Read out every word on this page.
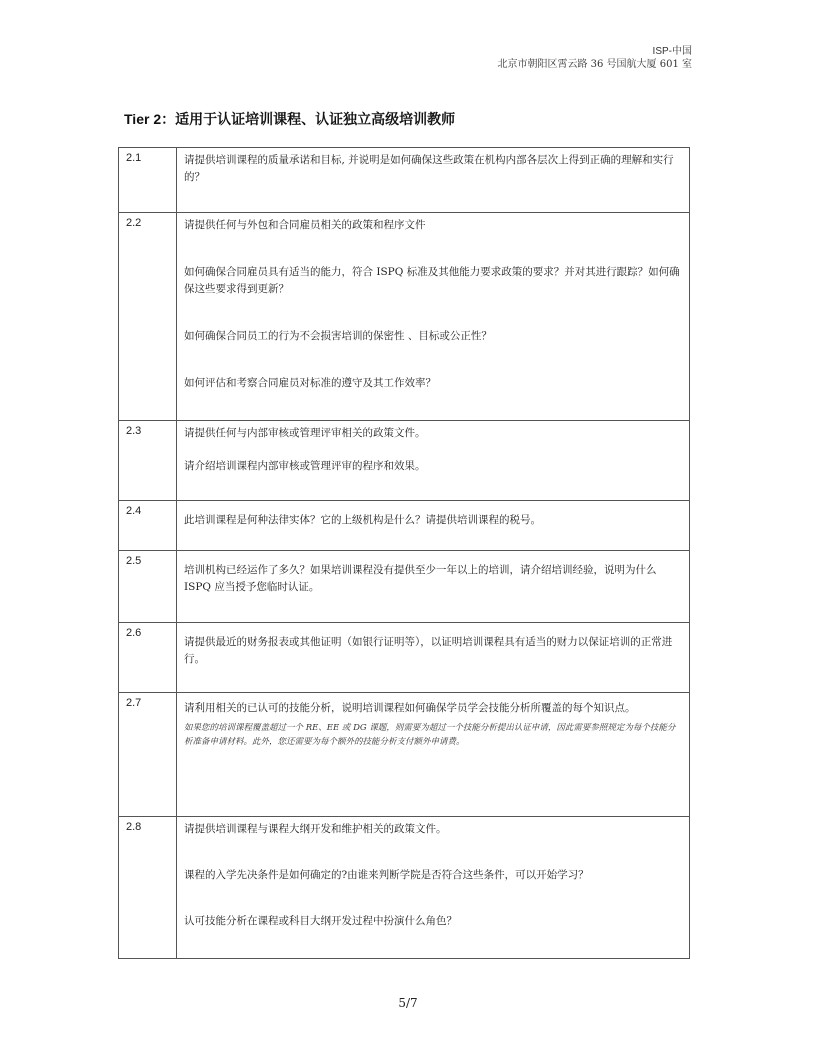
ISP-中国
北京市朝阳区霄云路 36 号国航大厦 601 室
Tier 2：适用于认证培训课程、认证独立高级培训教师
2.1	请提供培训课程的质量承诺和目标, 并说明是如何确保这些政策在机构内部各层次上得到正确的理解和实行的？

2.2	请提供任何与外包和合同雇员相关的政策和程序文件
如何确保合同雇员具有适当的能力，符合 ISPQ 标准及其他能力要求政策的要求？并对其进行跟踪？如何确保这些要求得到更新？
如何确保合同员工的行为不会损害培训的保密性 、目标或公正性？
如何评估和考察合同雇员对标准的遵守及其工作效率？

2.3	请提供任何与内部审核或管理评审相关的政策文件。
请介绍培训课程内部审核或管理评审的程序和效果。

2.4	此培训课程是何种法律实体？它的上级机构是什么？请提供培训课程的税号。

2.5	培训机构已经运作了多久？如果培训课程没有提供至少一年以上的培训，请介绍培训经验，说明为什么 ISPQ 应当授予您临时认证。

2.6	请提供最近的财务报表或其他证明（如银行证明等），以证明培训课程具有适当的财力以保证培训的正常进行。

2.7	请利用相关的已认可的技能分析，说明培训课程如何确保学员学会技能分析所覆盖的每个知识点。
如果您的培训课程覆盖超过一个 RE、EE 或 DG 课题，则需要为超过一个技能分析提出认证申请，因此需要参照规定为每个技能分析准备申请材料。此外，您还需要为每个额外的技能分析支付额外申请费。

2.8	请提供培训课程与课程大纲开发和维护相关的政策文件。
课程的入学先决条件是如何确定的?由谁来判断学院是否符合这些条件，可以开始学习？
认可技能分析在课程或科目大纲开发过程中扮演什么角色？
5/7
